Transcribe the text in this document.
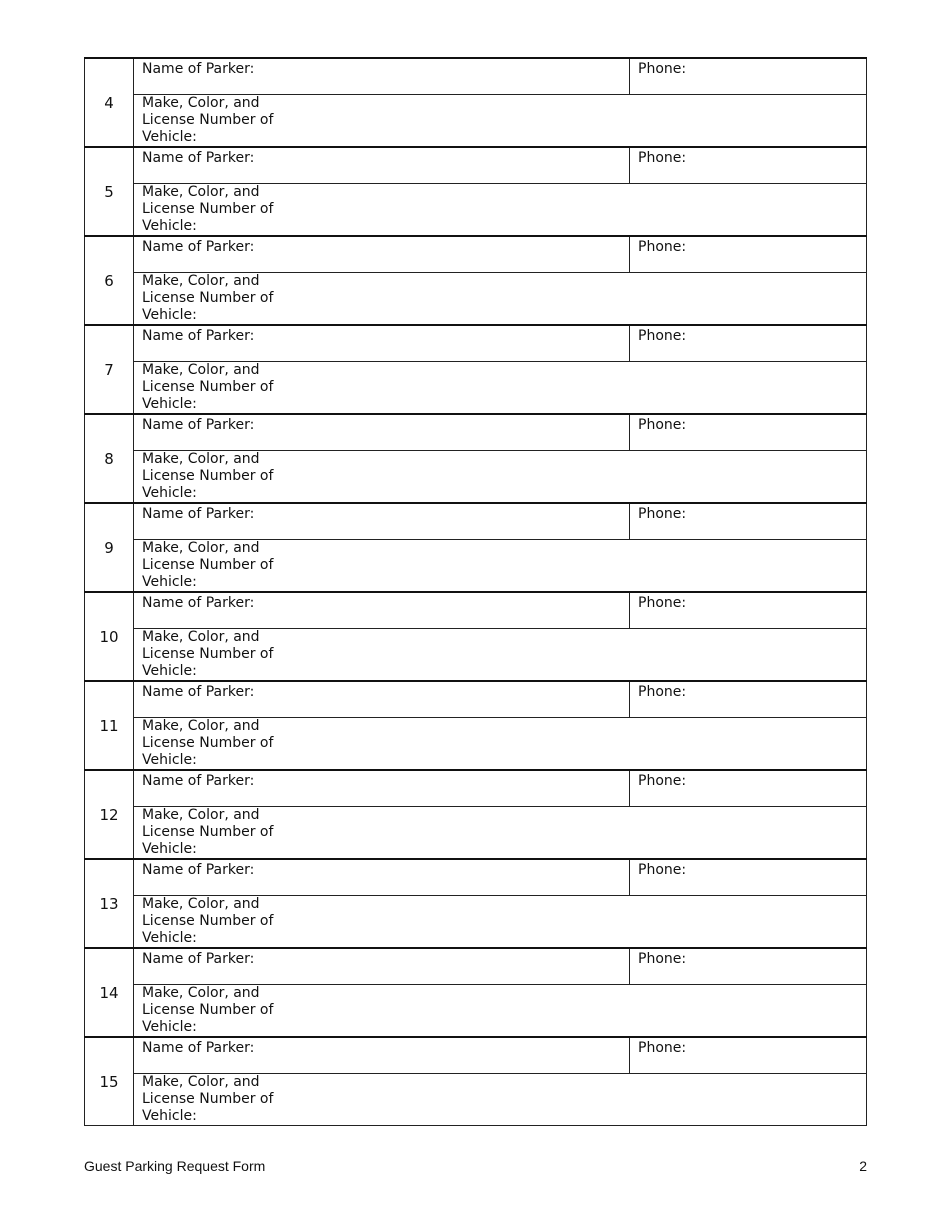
4	Name of Parker:	Phone:

	Make, Color, and License Number of Vehicle:	

5	Name of Parker:	Phone:

	Make, Color, and License Number of Vehicle:	

6	Name of Parker:	Phone:

	Make, Color, and License Number of Vehicle:	

7	Name of Parker:	Phone:

	Make, Color, and License Number of Vehicle:	

8	Name of Parker:	Phone:

	Make, Color, and License Number of Vehicle:	

9	Name of Parker:	Phone:

	Make, Color, and License Number of Vehicle:	

10	Name of Parker:	Phone:

	Make, Color, and License Number of Vehicle:	

11	Name of Parker:	Phone:

	Make, Color, and License Number of Vehicle:	

12	Name of Parker:	Phone:

	Make, Color, and License Number of Vehicle:	

13	Name of Parker:	Phone:

	Make, Color, and License Number of Vehicle:	

14	Name of Parker:	Phone:

	Make, Color, and License Number of Vehicle:	

15	Name of Parker:	Phone:

	Make, Color, and License Number of Vehicle:	
Guest Parking Request Form	2
